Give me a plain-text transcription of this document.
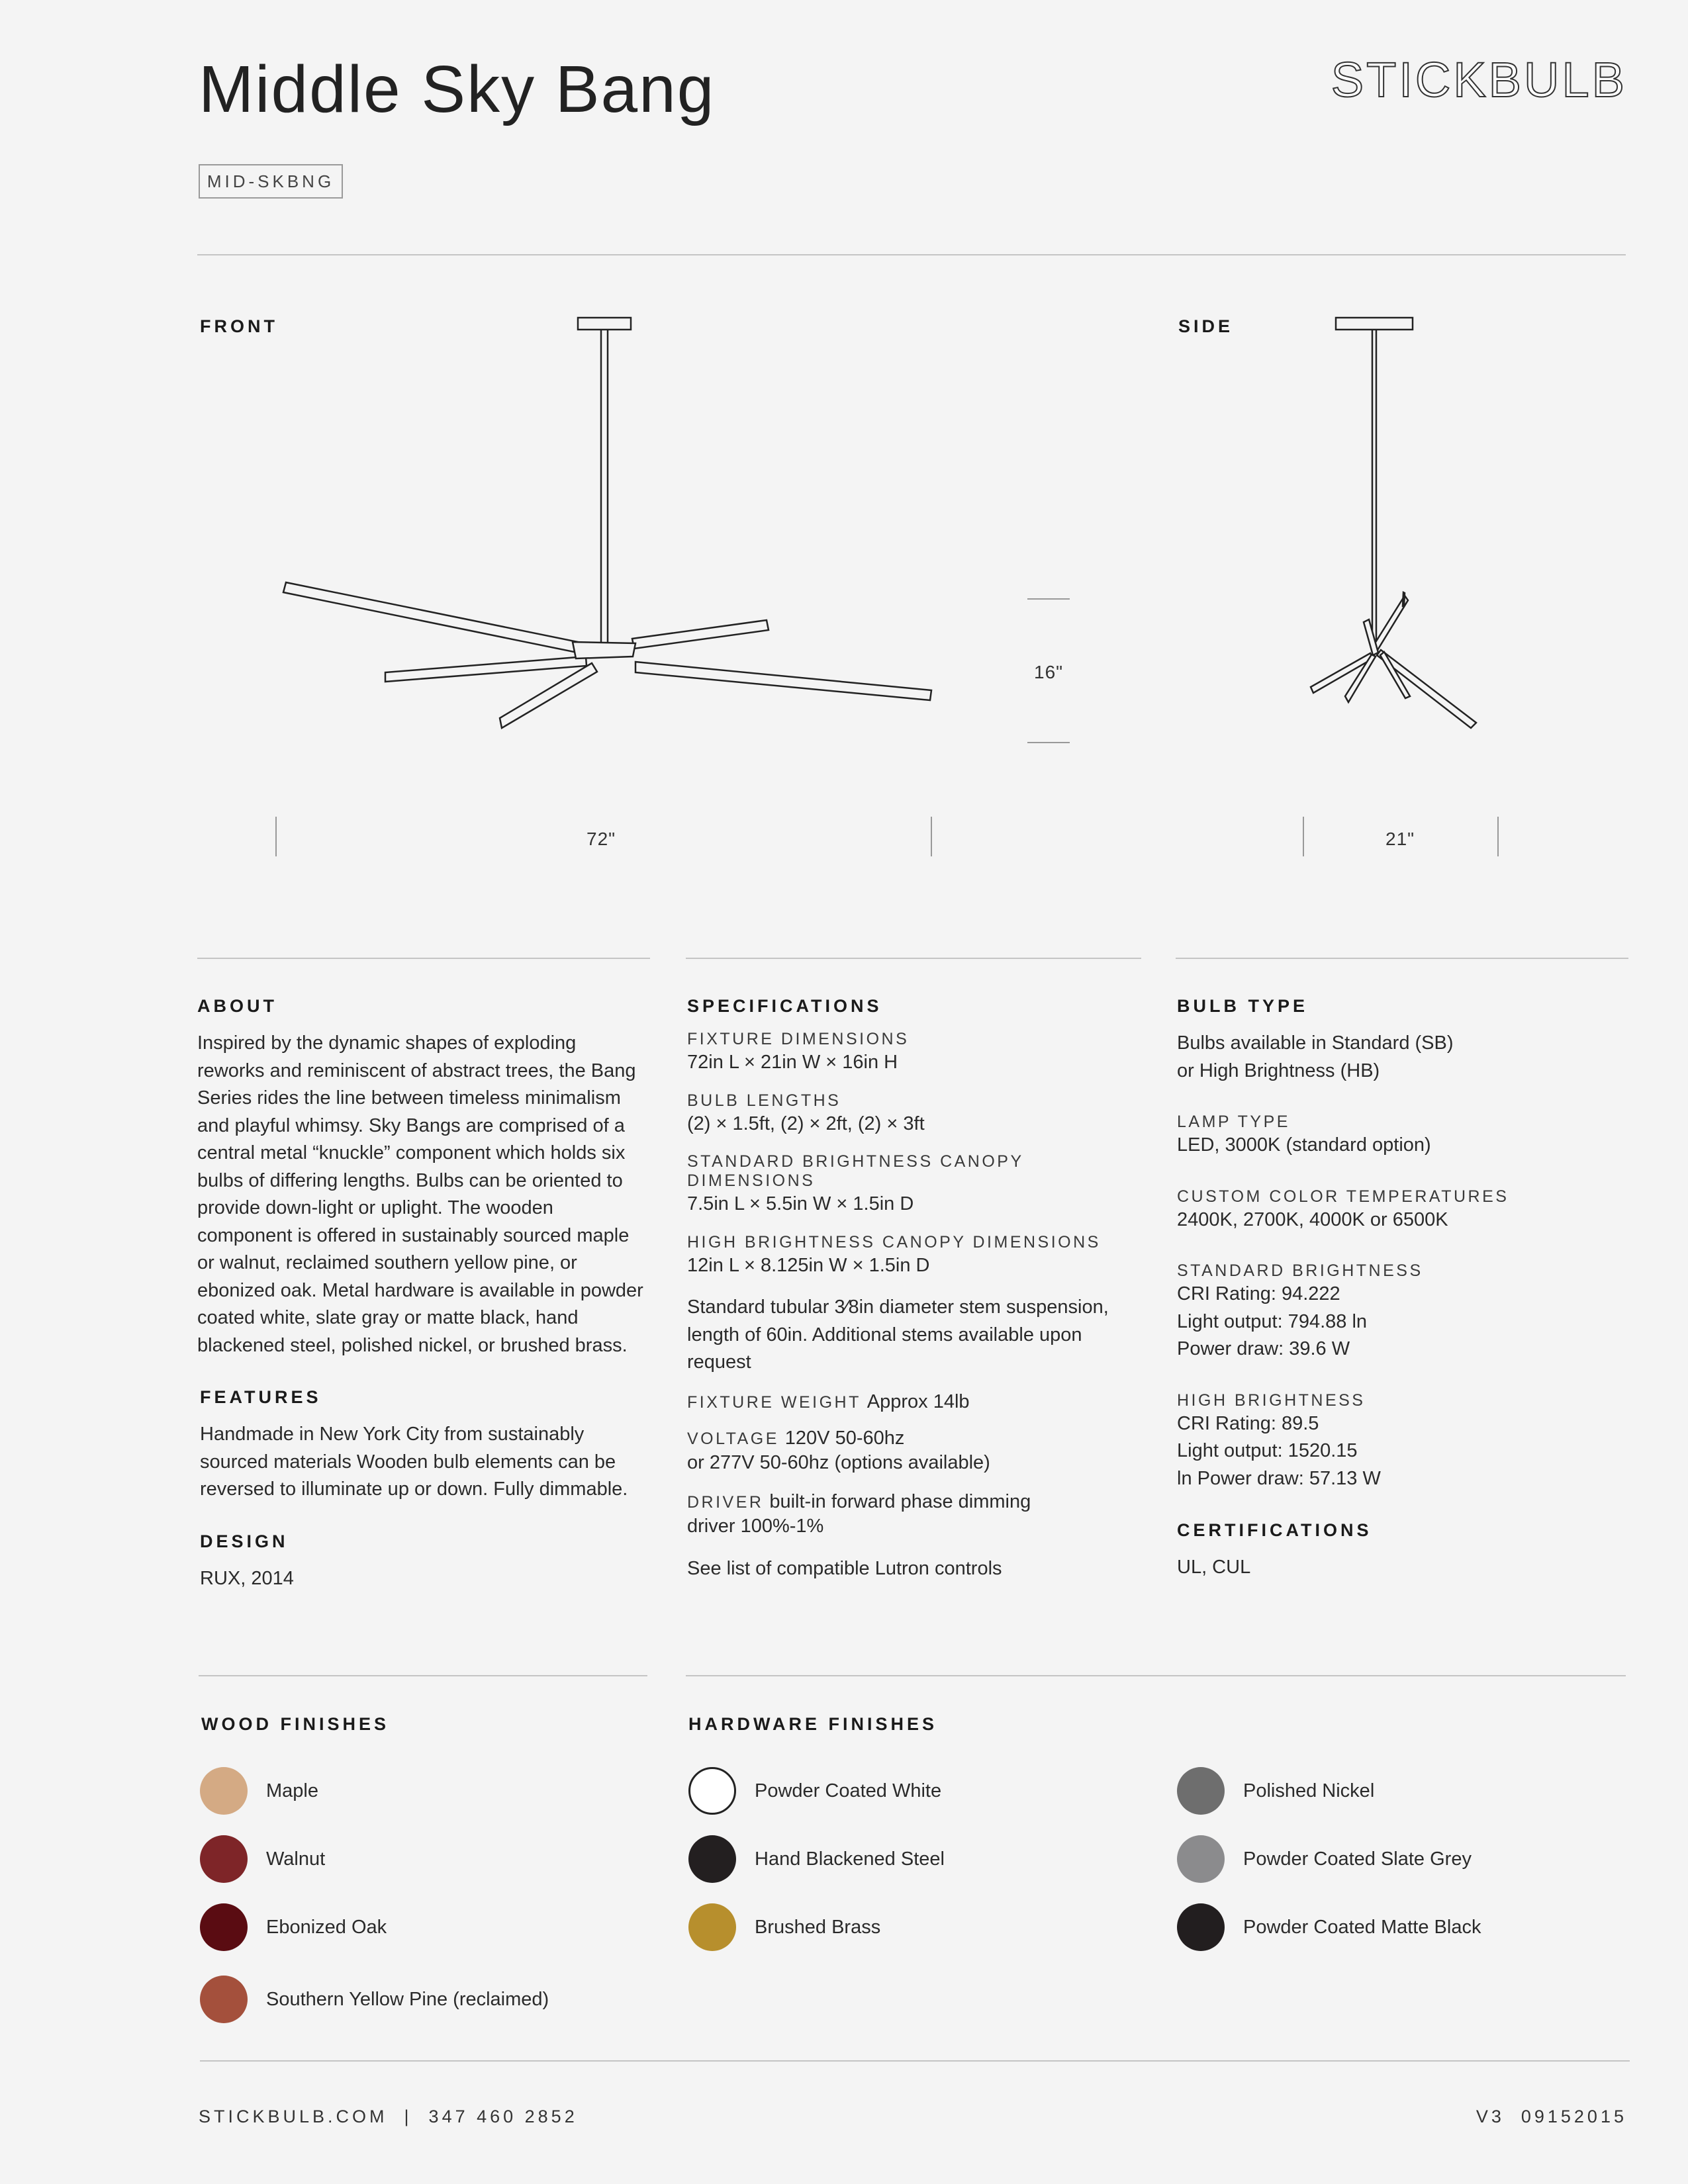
Middle Sky Bang	STICKBULB
MID-SKBNG
FRONT	SIDE
16"
72"	21"
ABOUT
Inspired by the dynamic shapes of exploding reworks and reminiscent of abstract trees, the Bang Series rides the line between timeless minimalism and playful whimsy. Sky Bangs are comprised of a central metal “knuckle” component which holds six bulbs of differing lengths. Bulbs can be oriented to provide down-light or uplight. The wooden component is offered in sustainably sourced maple or walnut, reclaimed southern yellow pine, or ebonized oak. Metal hardware is available in powder coated white, slate gray or matte black, hand blackened steel, polished nickel, or brushed brass.
FEATURES
Handmade in New York City from sustainably sourced materials Wooden bulb elements can be reversed to illuminate up or down. Fully dimmable.
DESIGN
RUX, 2014
SPECIFICATIONS
FIXTURE DIMENSIONS
72in L × 21in W × 16in H
BULB LENGTHS
(2) × 1.5ft, (2) × 2ft, (2) × 3ft
STANDARD BRIGHTNESS CANOPY DIMENSIONS
7.5in L × 5.5in W × 1.5in D
HIGH BRIGHTNESS CANOPY DIMENSIONS
12in L × 8.125in W × 1.5in D
Standard tubular 3⁄8in diameter stem suspension, length of 60in. Additional stems available upon request
FIXTURE WEIGHT Approx 14lb
VOLTAGE 120V 50-60hz
or 277V 50-60hz (options available)
DRIVER built-in forward phase dimming
driver 100%-1%
See list of compatible Lutron controls
BULB TYPE
Bulbs available in Standard (SB)
or High Brightness (HB)
LAMP TYPE
LED, 3000K (standard option)
CUSTOM COLOR TEMPERATURES
2400K, 2700K, 4000K or 6500K
STANDARD BRIGHTNESS
CRI Rating: 94.222
Light output: 794.88 ln
Power draw: 39.6 W
HIGH BRIGHTNESS
CRI Rating: 89.5
Light output: 1520.15
ln Power draw: 57.13 W
CERTIFICATIONS
UL, CUL
WOOD FINISHES	HARDWARE FINISHES
Maple
Walnut
Ebonized Oak
Southern Yellow Pine (reclaimed)
Powder Coated White
Hand Blackened Steel
Brushed Brass
Polished Nickel
Powder Coated Slate Grey
Powder Coated Matte Black
STICKBULB.COM  |  347 460 2852	V3  09152015
